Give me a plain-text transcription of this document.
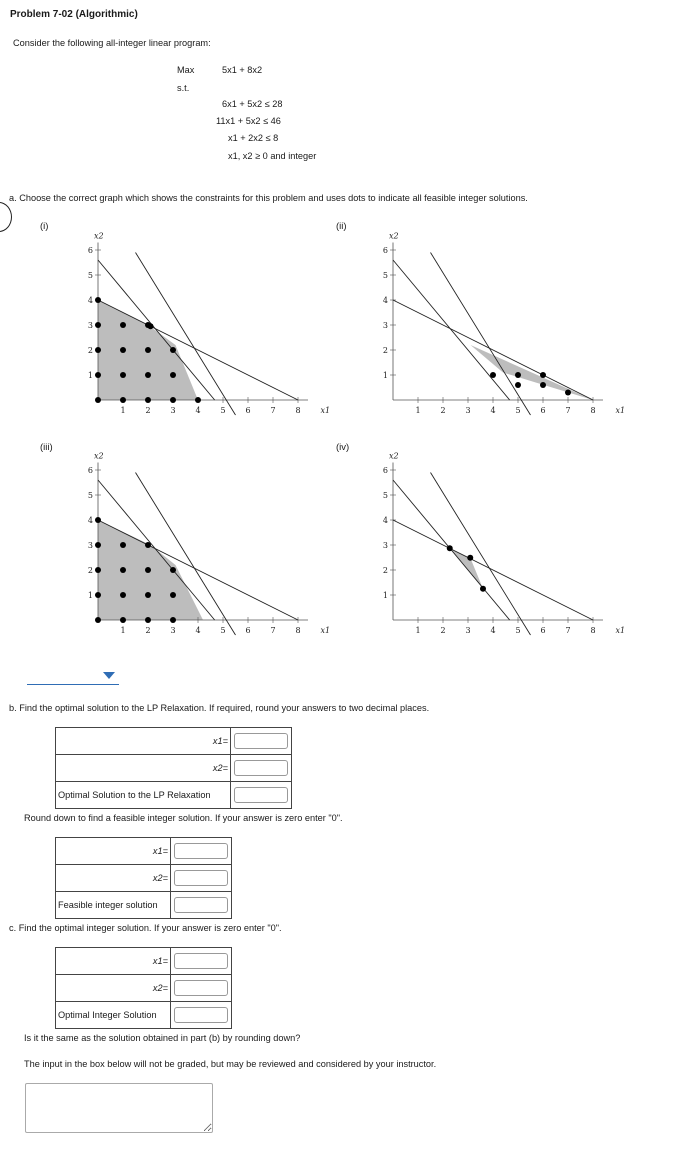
Problem 7-02 (Algorithmic)
Consider the following all-integer linear program:
Max	5x1 + 8x2
s.t.
6x1 + 5x2 ≤ 28
11x1 + 5x2 ≤ 46
x1 + 2x2 ≤ 8
x1, x2 ≥ 0 and integer
a. Choose the correct graph which shows the constraints for this problem and uses dots to indicate all feasible integer solutions.
(i)	(ii)
(iii)	(iv)
1 2 3 4 5 6 7 8
1
2
3
4
5
6
x1
x2
1 2 3 4 5 6 7 8
1
2
3
4
5
6
x1
x2
1 2 3 4 5 6 7 8
1
2
3
4
5
6
x1
x2
1 2 3 4 5 6 7 8
1
2
3
4
5
6
x1
x2
b. Find the optimal solution to the LP Relaxation. If required, round your answers to two decimal places.
x1=	

x2=	

Optimal Solution to the LP Relaxation	
Round down to find a feasible integer solution. If your answer is zero enter "0".
x1=	

x2=	

Feasible integer solution	
c. Find the optimal integer solution. If your answer is zero enter "0".
x1=	

x2=	

Optimal Integer Solution	
Is it the same as the solution obtained in part (b) by rounding down?
The input in the box below will not be graded, but may be reviewed and considered by your instructor.
